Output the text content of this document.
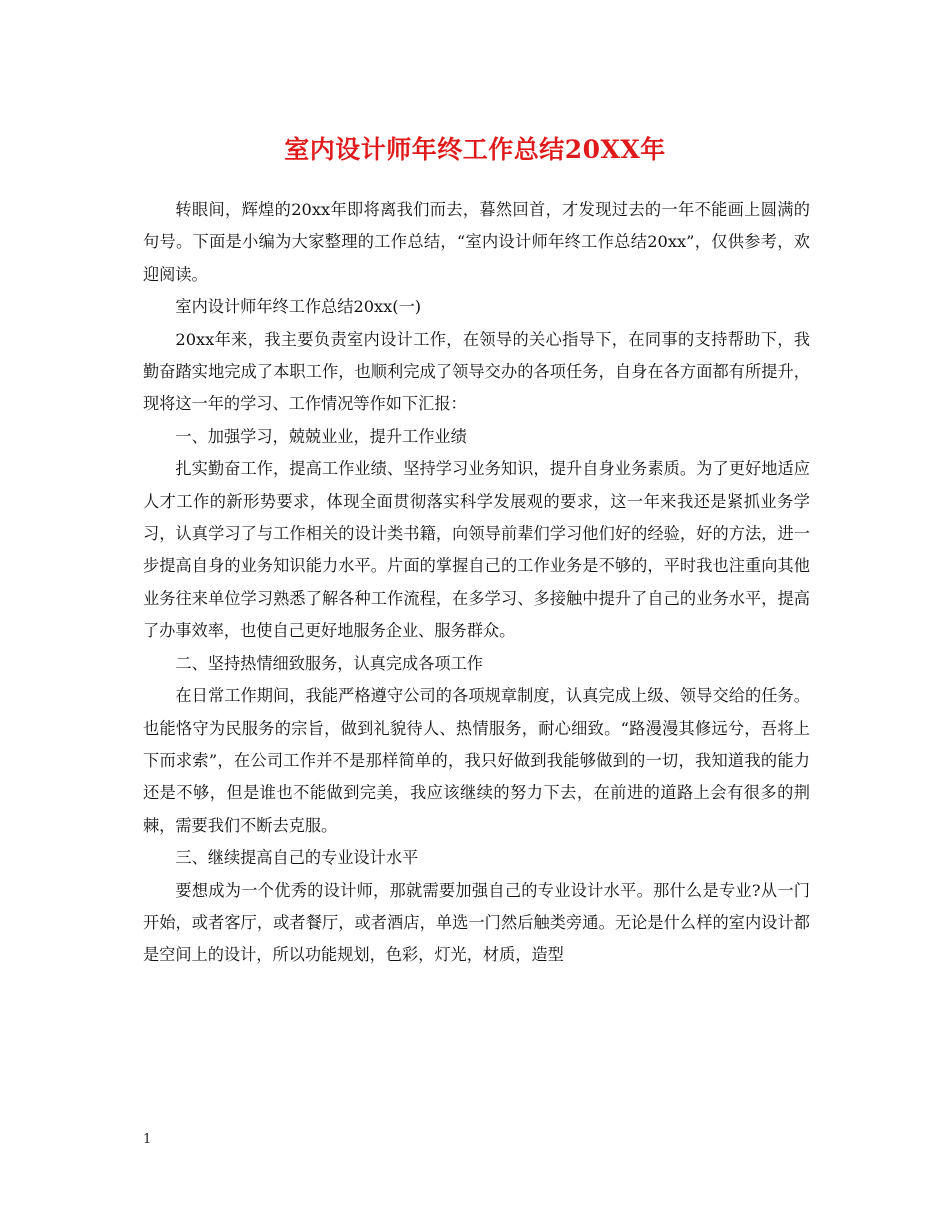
室内设计师年终工作总结20XX年

转眼间，辉煌的20xx年即将离我们而去，暮然回首，才发现过去的一年不能画上圆满的句号。下面是小编为大家整理的工作总结，“室内设计师年终工作总结20xx”，仅供参考，欢迎阅读。

室内设计师年终工作总结20xx(一)

20xx年来，我主要负责室内设计工作，在领导的关心指导下，在同事的支持帮助下，我勤奋踏实地完成了本职工作，也顺利完成了领导交办的各项任务，自身在各方面都有所提升，现将这一年的学习、工作情况等作如下汇报：

一、加强学习，兢兢业业，提升工作业绩

扎实勤奋工作，提高工作业绩、坚持学习业务知识，提升自身业务素质。为了更好地适应人才工作的新形势要求，体现全面贯彻落实科学发展观的要求，这一年来我还是紧抓业务学习，认真学习了与工作相关的设计类书籍，向领导前辈们学习他们好的经验，好的方法，进一步提高自身的业务知识能力水平。片面的掌握自己的工作业务是不够的，平时我也注重向其他业务往来单位学习熟悉了解各种工作流程，在多学习、多接触中提升了自己的业务水平，提高了办事效率，也使自己更好地服务企业、服务群众。

二、坚持热情细致服务，认真完成各项工作

在日常工作期间，我能严格遵守公司的各项规章制度，认真完成上级、领导交给的任务。也能恪守为民服务的宗旨，做到礼貌待人、热情服务，耐心细致。“路漫漫其修远兮，吾将上下而求索”，在公司工作并不是那样简单的，我只好做到我能够做到的一切，我知道我的能力还是不够，但是谁也不能做到完美，我应该继续的努力下去，在前进的道路上会有很多的荆棘，需要我们不断去克服。

三、继续提高自己的专业设计水平

要想成为一个优秀的设计师，那就需要加强自己的专业设计水平。那什么是专业?从一门开始，或者客厅，或者餐厅，或者酒店，单选一门然后触类旁通。无论是什么样的室内设计都是空间上的设计，所以功能规划，色彩，灯光，材质，造型

1
